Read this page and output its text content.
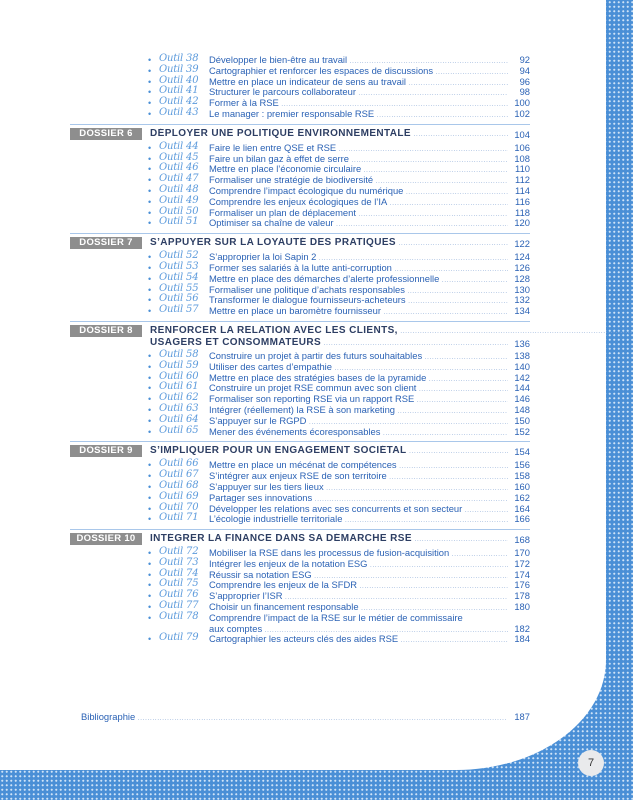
• Outil 38 Développer le bien-être au travail .....	92
• Outil 39 Cartographier et renforcer les espaces de discussions .....	94
• Outil 40 Mettre en place un indicateur de sens au travail .....	96
• Outil 41 Structurer le parcours collaborateur .....	98
• Outil 42 Former à la RSE .....	100
• Outil 43 Le manager : premier responsable RSE .....	102
DOSSIER 6	DÉPLOYER UNE POLITIQUE ENVIRONNEMENTALE .....	104
• Outil 44 Faire le lien entre QSE et RSE .....	106
• Outil 45 Faire un bilan gaz à effet de serre .....	108
• Outil 46 Mettre en place l’économie circulaire .....	110
• Outil 47 Formaliser une stratégie de biodiversité .....	112
• Outil 48 Comprendre l’impact écologique du numérique .....	114
• Outil 49 Comprendre les enjeux écologiques de l’IA .....	116
• Outil 50 Formaliser un plan de déplacement .....	118
• Outil 51 Optimiser sa chaîne de valeur .....	120
DOSSIER 7	S’APPUYER SUR LA LOYAUTÉ DES PRATIQUES .....	122
• Outil 52 S’approprier la loi Sapin 2 .....	124
• Outil 53 Former ses salariés à la lutte anti-corruption .....	126
• Outil 54 Mettre en place des démarches d’alerte professionnelle .....	128
• Outil 55 Formaliser une politique d’achats responsables .....	130
• Outil 56 Transformer le dialogue fournisseurs-acheteurs .....	132
• Outil 57 Mettre en place un baromètre fournisseur .....	134
DOSSIER 8	RENFORCER LA RELATION AVEC LES CLIENTS, .....
USAGERS ET CONSOMMATEURS .....	136
• Outil 58 Construire un projet à partir des futurs souhaitables .....	138
• Outil 59 Utiliser des cartes d’empathie .....	140
• Outil 60 Mettre en place des stratégies bases de la pyramide .....	142
• Outil 61 Construire un projet RSE commun avec son client .....	144
• Outil 62 Formaliser son reporting RSE via un rapport RSE .....	146
• Outil 63 Intégrer (réellement) la RSE à son marketing .....	148
• Outil 64 S’appuyer sur le RGPD .....	150
• Outil 65 Mener des événements écoresponsables .....	152
DOSSIER 9	S’IMPLIQUER POUR UN ENGAGEMENT SOCIÉTAL .....	154
• Outil 66 Mettre en place un mécénat de compétences .....	156
• Outil 67 S’intégrer aux enjeux RSE de son territoire .....	158
• Outil 68 S’appuyer sur les tiers lieux .....	160
• Outil 69 Partager ses innovations .....	162
• Outil 70 Développer les relations avec ses concurrents et son secteur .....	164
• Outil 71 L’écologie industrielle territoriale .....	166
DOSSIER 10	INTÉGRER LA FINANCE DANS SA DÉMARCHE RSE .....	168
• Outil 72 Mobiliser la RSE dans les processus de fusion-acquisition .....	170
• Outil 73 Intégrer les enjeux de la notation ESG .....	172
• Outil 74 Réussir sa notation ESG .....	174
• Outil 75 Comprendre les enjeux de la SFDR .....	176
• Outil 76 S’approprier l’ISR .....	178
• Outil 77 Choisir un financement responsable .....	180
• Outil 78 Comprendre l’impact de la RSE sur le métier de commissaire
aux comptes .....	182
• Outil 79 Cartographier les acteurs clés des aides RSE .....	184
Bibliographie .....	187
7
